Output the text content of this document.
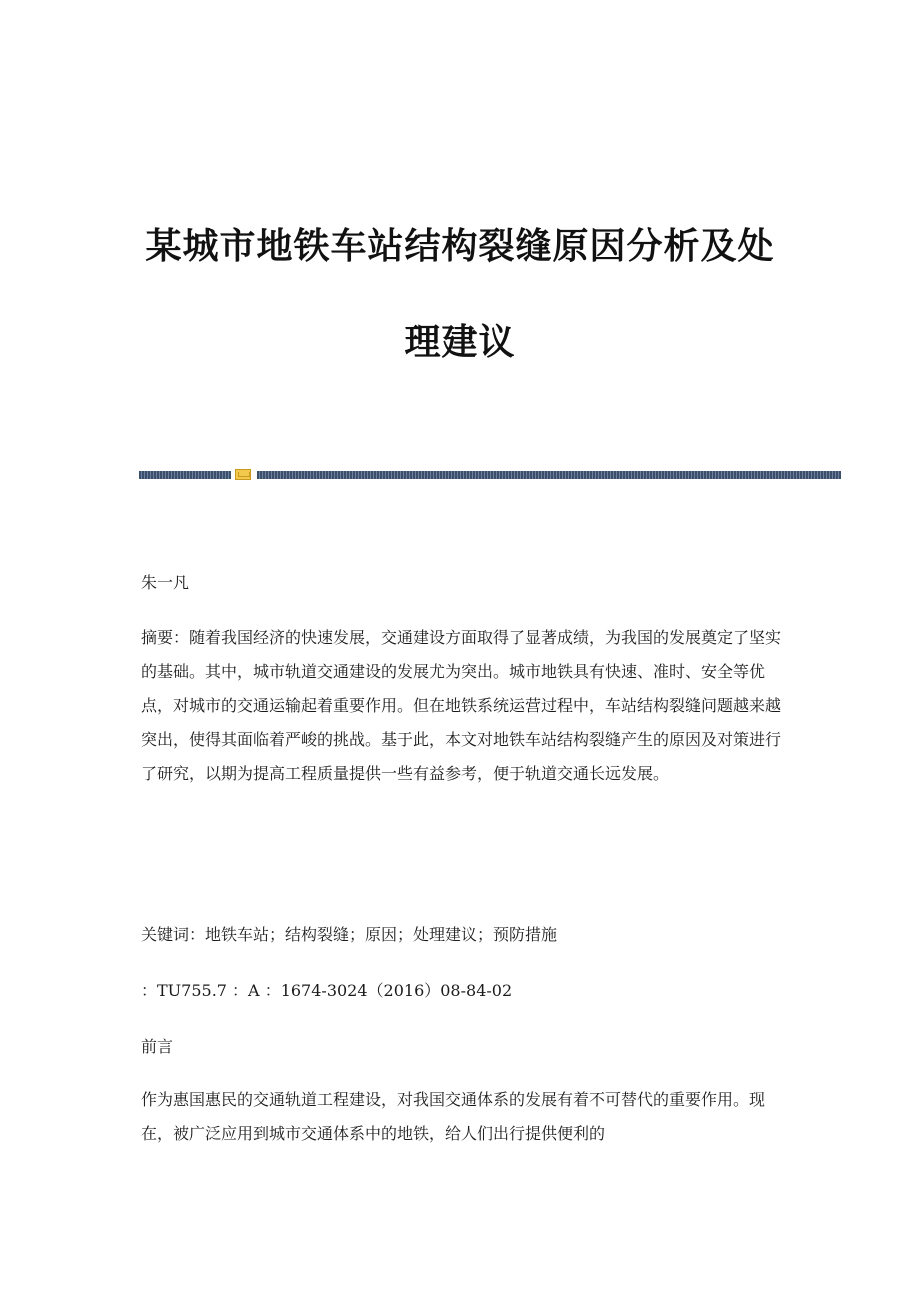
某城市地铁车站结构裂缝原因分析及处
理建议
朱一凡

摘要：随着我国经济的快速发展，交通建设方面取得了显著成绩，为我国的发展奠定了坚实的基础。其中，城市轨道交通建设的发展尤为突出。城市地铁具有快速、准时、安全等优点，对城市的交通运输起着重要作用。但在地铁系统运营过程中，车站结构裂缝问题越来越突出，使得其面临着严峻的挑战。基于此，本文对地铁车站结构裂缝产生的原因及对策进行了研究，以期为提高工程质量提供一些有益参考，便于轨道交通长远发展。

关键词：地铁车站；结构裂缝；原因；处理建议；预防措施
：TU755.7 ：A ：1674-3024（2016）08-84-02
前言

作为惠国惠民的交通轨道工程建设，对我国交通体系的发展有着不可替代的重要作用。现在，被广泛应用到城市交通体系中的地铁，给人们出行提供便利的
